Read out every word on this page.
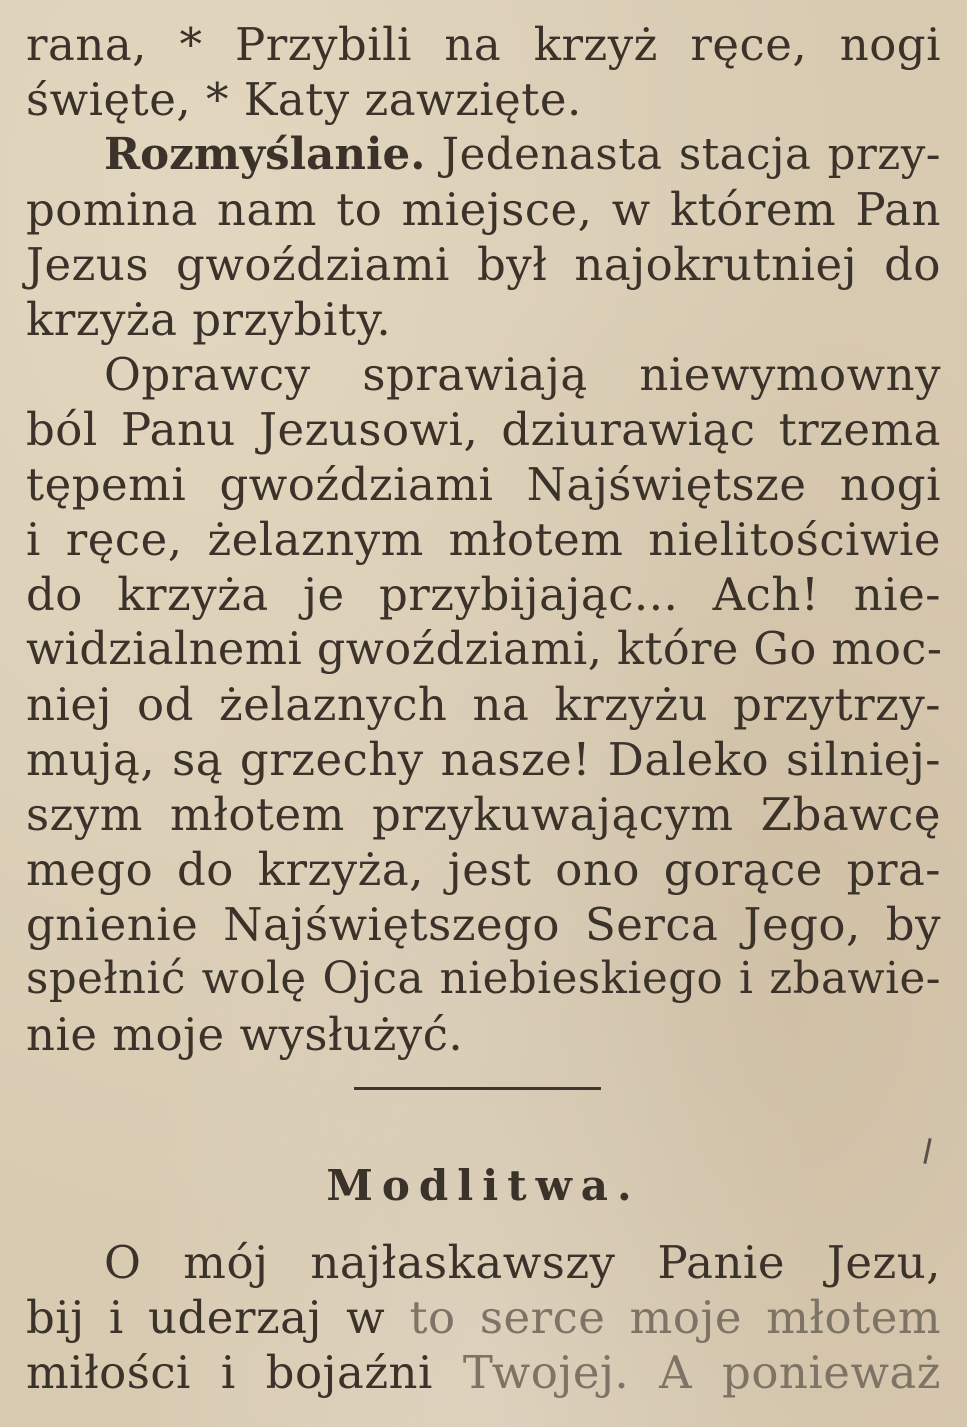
rana, * Przybili na krzyż ręce, nogi
święte, * Katy zawzięte.
Rozmyślanie. Jedenasta stacja przy-
pomina nam to miejsce, w którem Pan
Jezus gwoździami był najokrutniej do
krzyża przybity.
Oprawcy sprawiają niewymowny
ból Panu Jezusowi, dziurawiąc trzema
tępemi gwoździami Najświętsze nogi
i ręce, żelaznym młotem nielitościwie
do krzyża je przybijając... Ach! nie-
widzialnemi gwoździami, które Go moc-
niej od żelaznych na krzyżu przytrzy-
mują, są grzechy nasze! Daleko silniej-
szym młotem przykuwającym Zbawcę
mego do krzyża, jest ono gorące pra-
gnienie Najświętszego Serca Jego, by
spełnić wolę Ojca niebieskiego i zbawie-
nie moje wysłużyć.
Modlitwa.
O mój najłaskawszy Panie Jezu,
bij i uderzaj w to serce moje młotem
miłości i bojaźni Twojej. A ponieważ
